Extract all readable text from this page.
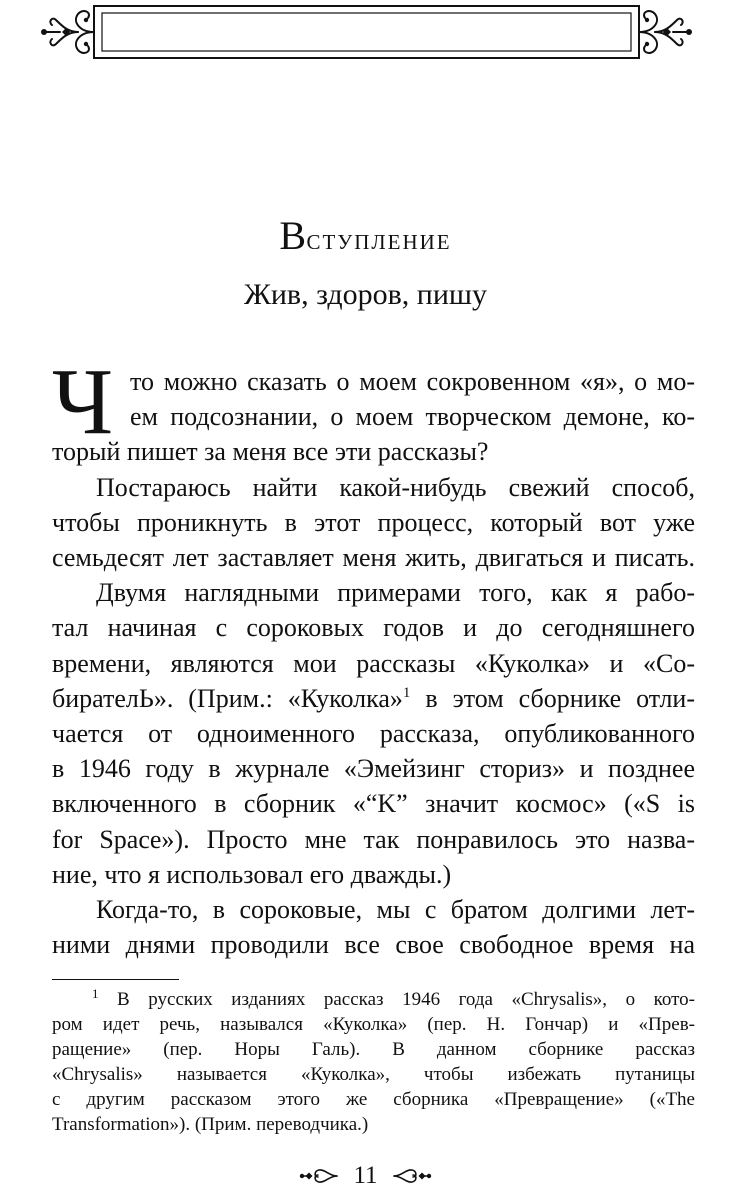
ВСТУПЛЕНИЕ
Жив, здоров, пишу
Ч то можно сказать о моем сокровенном «я», о мо-
ем подсознании, о моем творческом демоне, ко-
торый пишет за меня все эти рассказы?
Постараюсь найти какой-нибудь свежий способ,
чтобы проникнуть в этот процесс, который вот уже
семьдесят лет заставляет меня жить, двигаться и писать.
Двумя наглядными примерами того, как я рабо-
тал начиная с сороковых годов и до сегодняшнего
времени, являются мои рассказы «Куколка» и «Со-
бирателЬ». (Прим.: «Куколка»$^1$ в этом сборнике отли-
чается от одноименного рассказа, опубликованного
в 1946 году в журнале «Эмейзинг сториз» и позднее
включенного в сборник «“K” значит космос» («S is
for Space»). Просто мне так понравилось это назва-
ние, что я использовал его дважды.)
Когда-то, в сороковые, мы с братом долгими лет-
ними днями проводили все свое свободное время на
$^1$ В русских изданиях рассказ 1946 года «Chrysalis», о кото-
ром идет речь, назывался «Куколка» (пер. Н. Гончар) и «Прев-
ращение» (пер. Норы Галь). В данном сборнике рассказ
«Chrysalis» называется «Куколка», чтобы избежать путаницы
с другим рассказом этого же сборника «Превращение» («The
Transformation»). (Прим. переводчика.)
11
